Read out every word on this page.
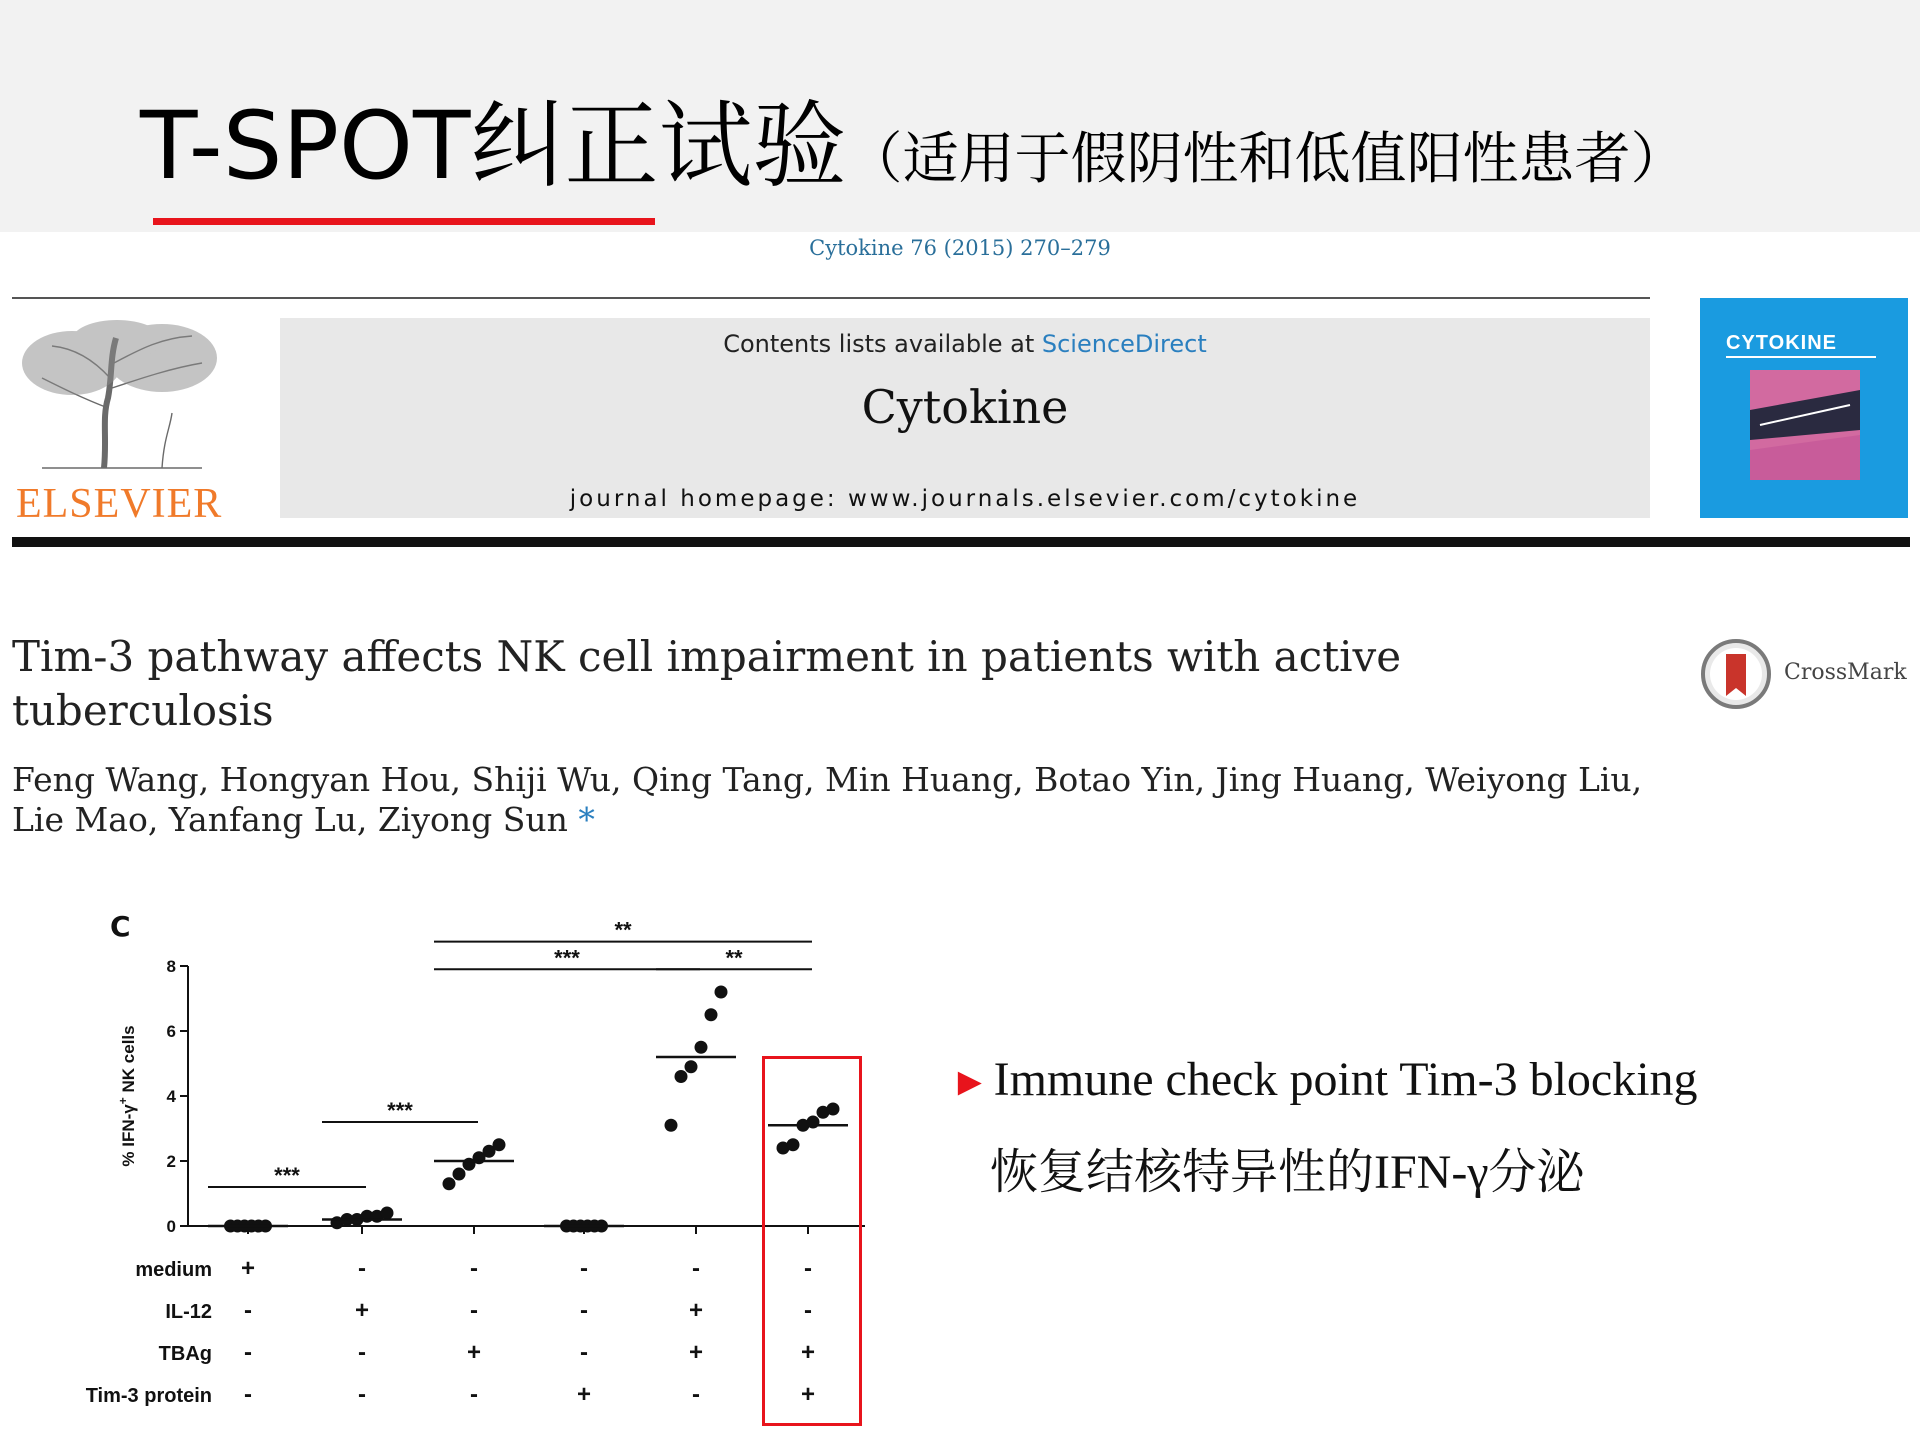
T-SPOT纠正试验（适用于假阴性和低值阳性患者）
Cytokine 76 (2015) 270–279
ELSEVIER
Contents lists available at ScienceDirect
Cytokine
journal homepage: www.journals.elsevier.com/cytokine
CYTOKINE
Tim-3 pathway affects NK cell impairment in patients with active
tuberculosis
CrossMark
Feng Wang, Hongyan Hou, Shiji Wu, Qing Tang, Min Huang, Botao Yin, Jing Huang, Weiyong Liu,
Lie Mao, Yanfang Lu, Ziyong Sun *
C
0
2
4
6
8
% IFN-γ+ NK cells
***
***
***	**
**
medium +	-	-	-	-	-
IL-12 -	+	-	-	+	-
TBAg -	-	+	-	+	+
Tim-3 protein -	-	-	+	-	+
►Immune check point Tim-3 blocking
恢复结核特异性的IFN-γ分泌
